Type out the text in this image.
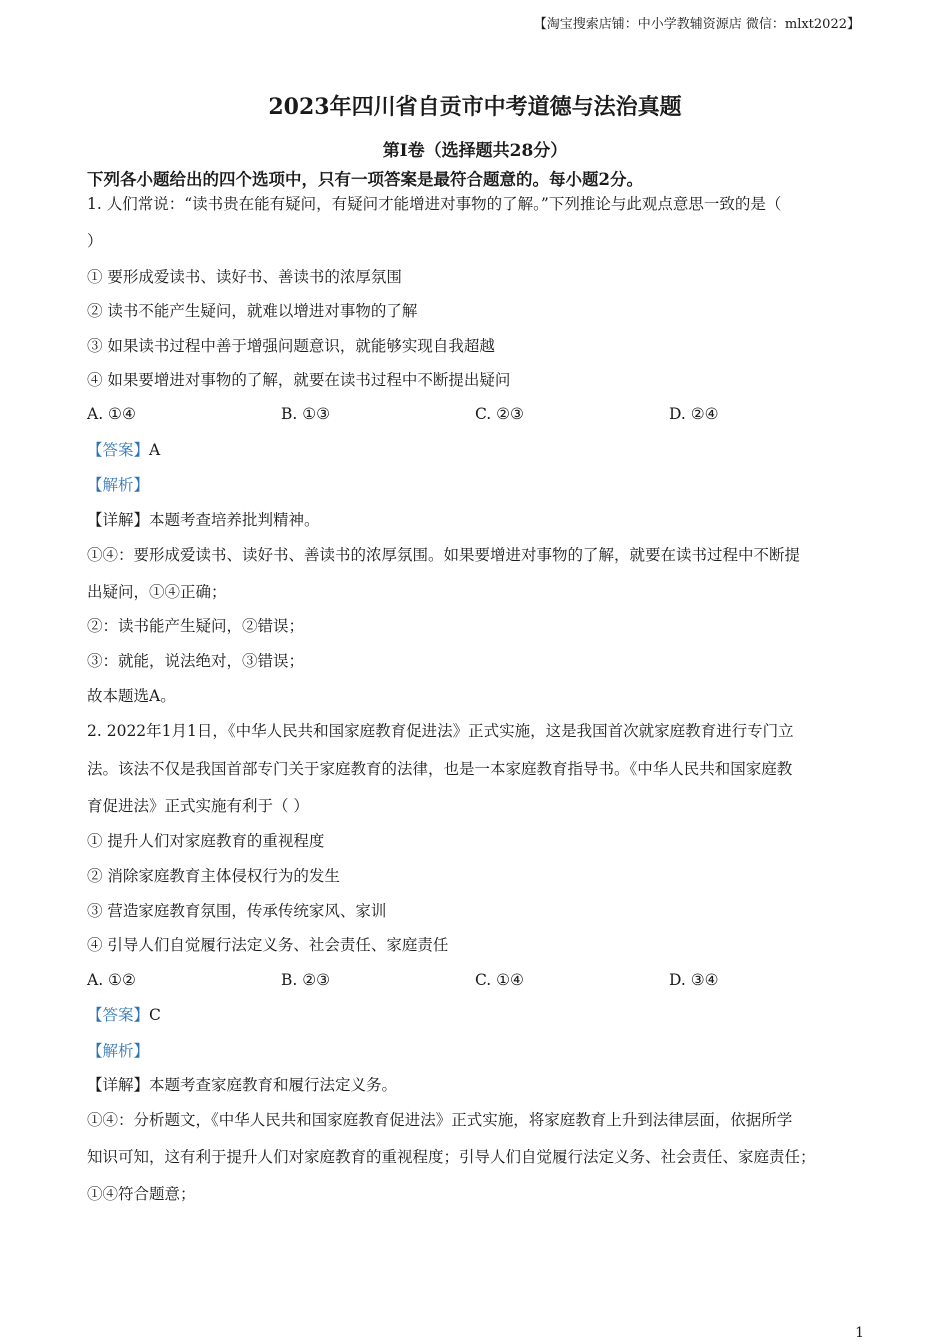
【淘宝搜索店铺：中小学教辅资源店 微信：mlxt2022】
2023年四川省自贡市中考道德与法治真题
第I卷（选择题共28分）
下列各小题给出的四个选项中，只有一项答案是最符合题意的。每小题2分。
1. 人们常说：“读书贵在能有疑问，有疑问才能增进对事物的了解。”下列推论与此观点意思一致的是（
）
① 要形成爱读书、读好书、善读书的浓厚氛围
② 读书不能产生疑问，就难以增进对事物的了解
③ 如果读书过程中善于增强问题意识，就能够实现自我超越
④ 如果要增进对事物的了解，就要在读书过程中不断提出疑问
A. ①④	B. ①③	C. ②③	D. ②④
【答案】A
【解析】
【详解】本题考查培养批判精神。
①④：要形成爱读书、读好书、善读书的浓厚氛围。如果要增进对事物的了解，就要在读书过程中不断提
出疑问，①④正确；
②：读书能产生疑问，②错误；
③：就能，说法绝对，③错误；
故本题选A。
2. 2022年1月1日，《中华人民共和国家庭教育促进法》正式实施，这是我国首次就家庭教育进行专门立
法。该法不仅是我国首部专门关于家庭教育的法律，也是一本家庭教育指导书。《中华人民共和国家庭教
育促进法》正式实施有利于（ ）
① 提升人们对家庭教育的重视程度
② 消除家庭教育主体侵权行为的发生
③ 营造家庭教育氛围，传承传统家风、家训
④ 引导人们自觉履行法定义务、社会责任、家庭责任
A. ①②	B. ②③	C. ①④	D. ③④
【答案】C
【解析】
【详解】本题考查家庭教育和履行法定义务。
①④：分析题文，《中华人民共和国家庭教育促进法》正式实施，将家庭教育上升到法律层面，依据所学
知识可知，这有利于提升人们对家庭教育的重视程度；引导人们自觉履行法定义务、社会责任、家庭责任；
①④符合题意；
1
